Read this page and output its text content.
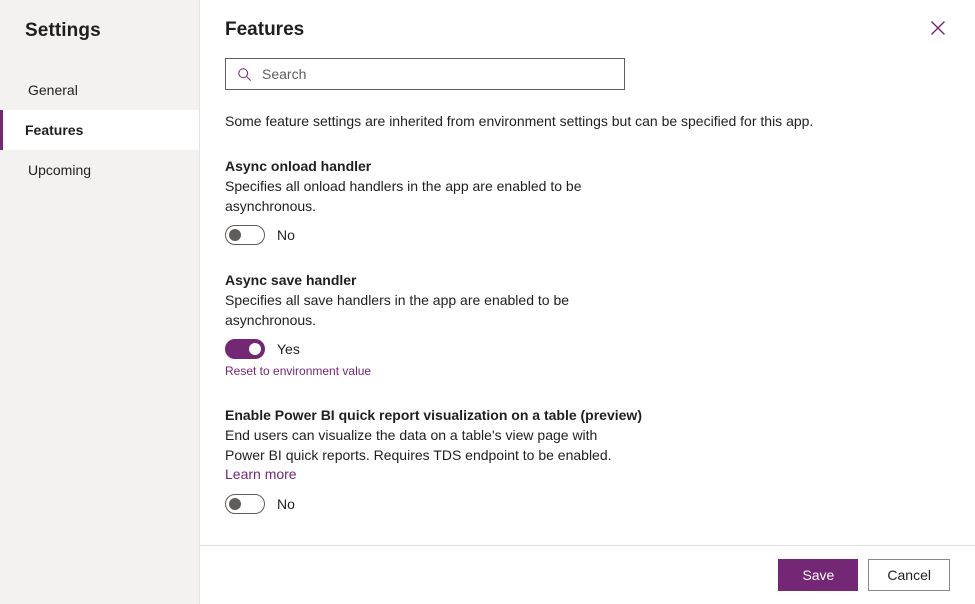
Settings
General
Features
Upcoming
Features
Search
Some feature settings are inherited from environment settings but can be specified for this app.
Async onload handler
Specifies all onload handlers in the app are enabled to be asynchronous.
No
Async save handler
Specifies all save handlers in the app are enabled to be asynchronous.
Yes
Reset to environment value
Enable Power BI quick report visualization on a table (preview)
End users can visualize the data on a table's view page with Power BI quick reports. Requires TDS endpoint to be enabled. Learn more
No
Save	Cancel
